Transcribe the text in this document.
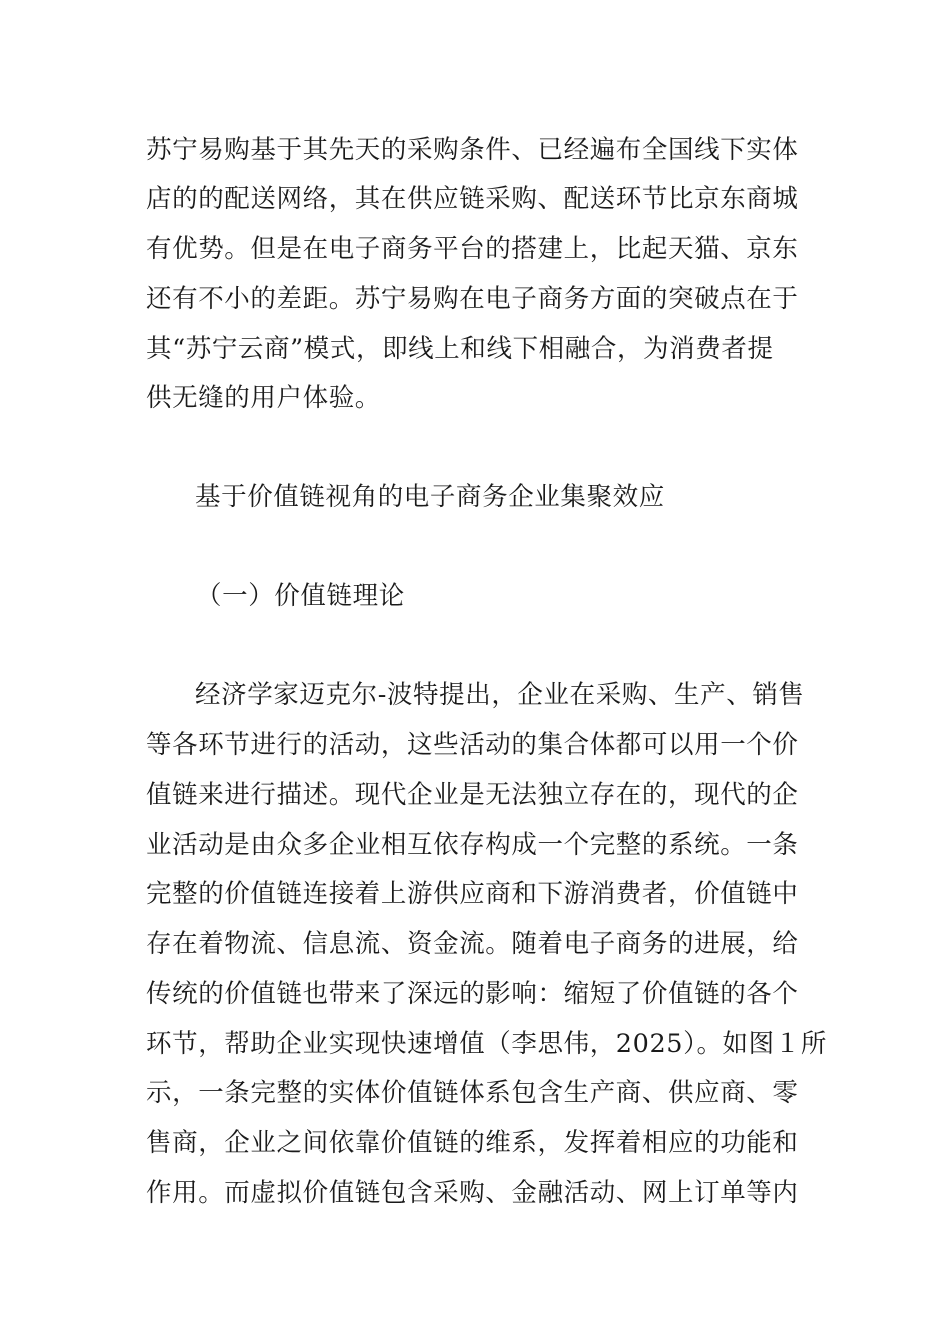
苏宁易购基于其先天的采购条件、已经遍布全国线下实体
店的的配送网络，其在供应链采购、配送环节比京东商城
有优势。但是在电子商务平台的搭建上，比起天猫、京东
还有不小的差距。苏宁易购在电子商务方面的突破点在于
其“苏宁云商”模式，即线上和线下相融合，为消费者提
供无缝的用户体验。
基于价值链视角的电子商务企业集聚效应
（一）价值链理论
经济学家迈克尔-波特提出，企业在采购、生产、销售
等各环节进行的活动，这些活动的集合体都可以用一个价
值链来进行描述。现代企业是无法独立存在的，现代的企
业活动是由众多企业相互依存构成一个完整的系统。一条
完整的价值链连接着上游供应商和下游消费者，价值链中
存在着物流、信息流、资金流。随着电子商务的进展，给
传统的价值链也带来了深远的影响：缩短了价值链的各个
环节，帮助企业实现快速增值（李思伟，2025）。如图１所
示，一条完整的实体价值链体系包含生产商、供应商、零
售商，企业之间依靠价值链的维系，发挥着相应的功能和
作用。而虚拟价值链包含采购、金融活动、网上订单等内
